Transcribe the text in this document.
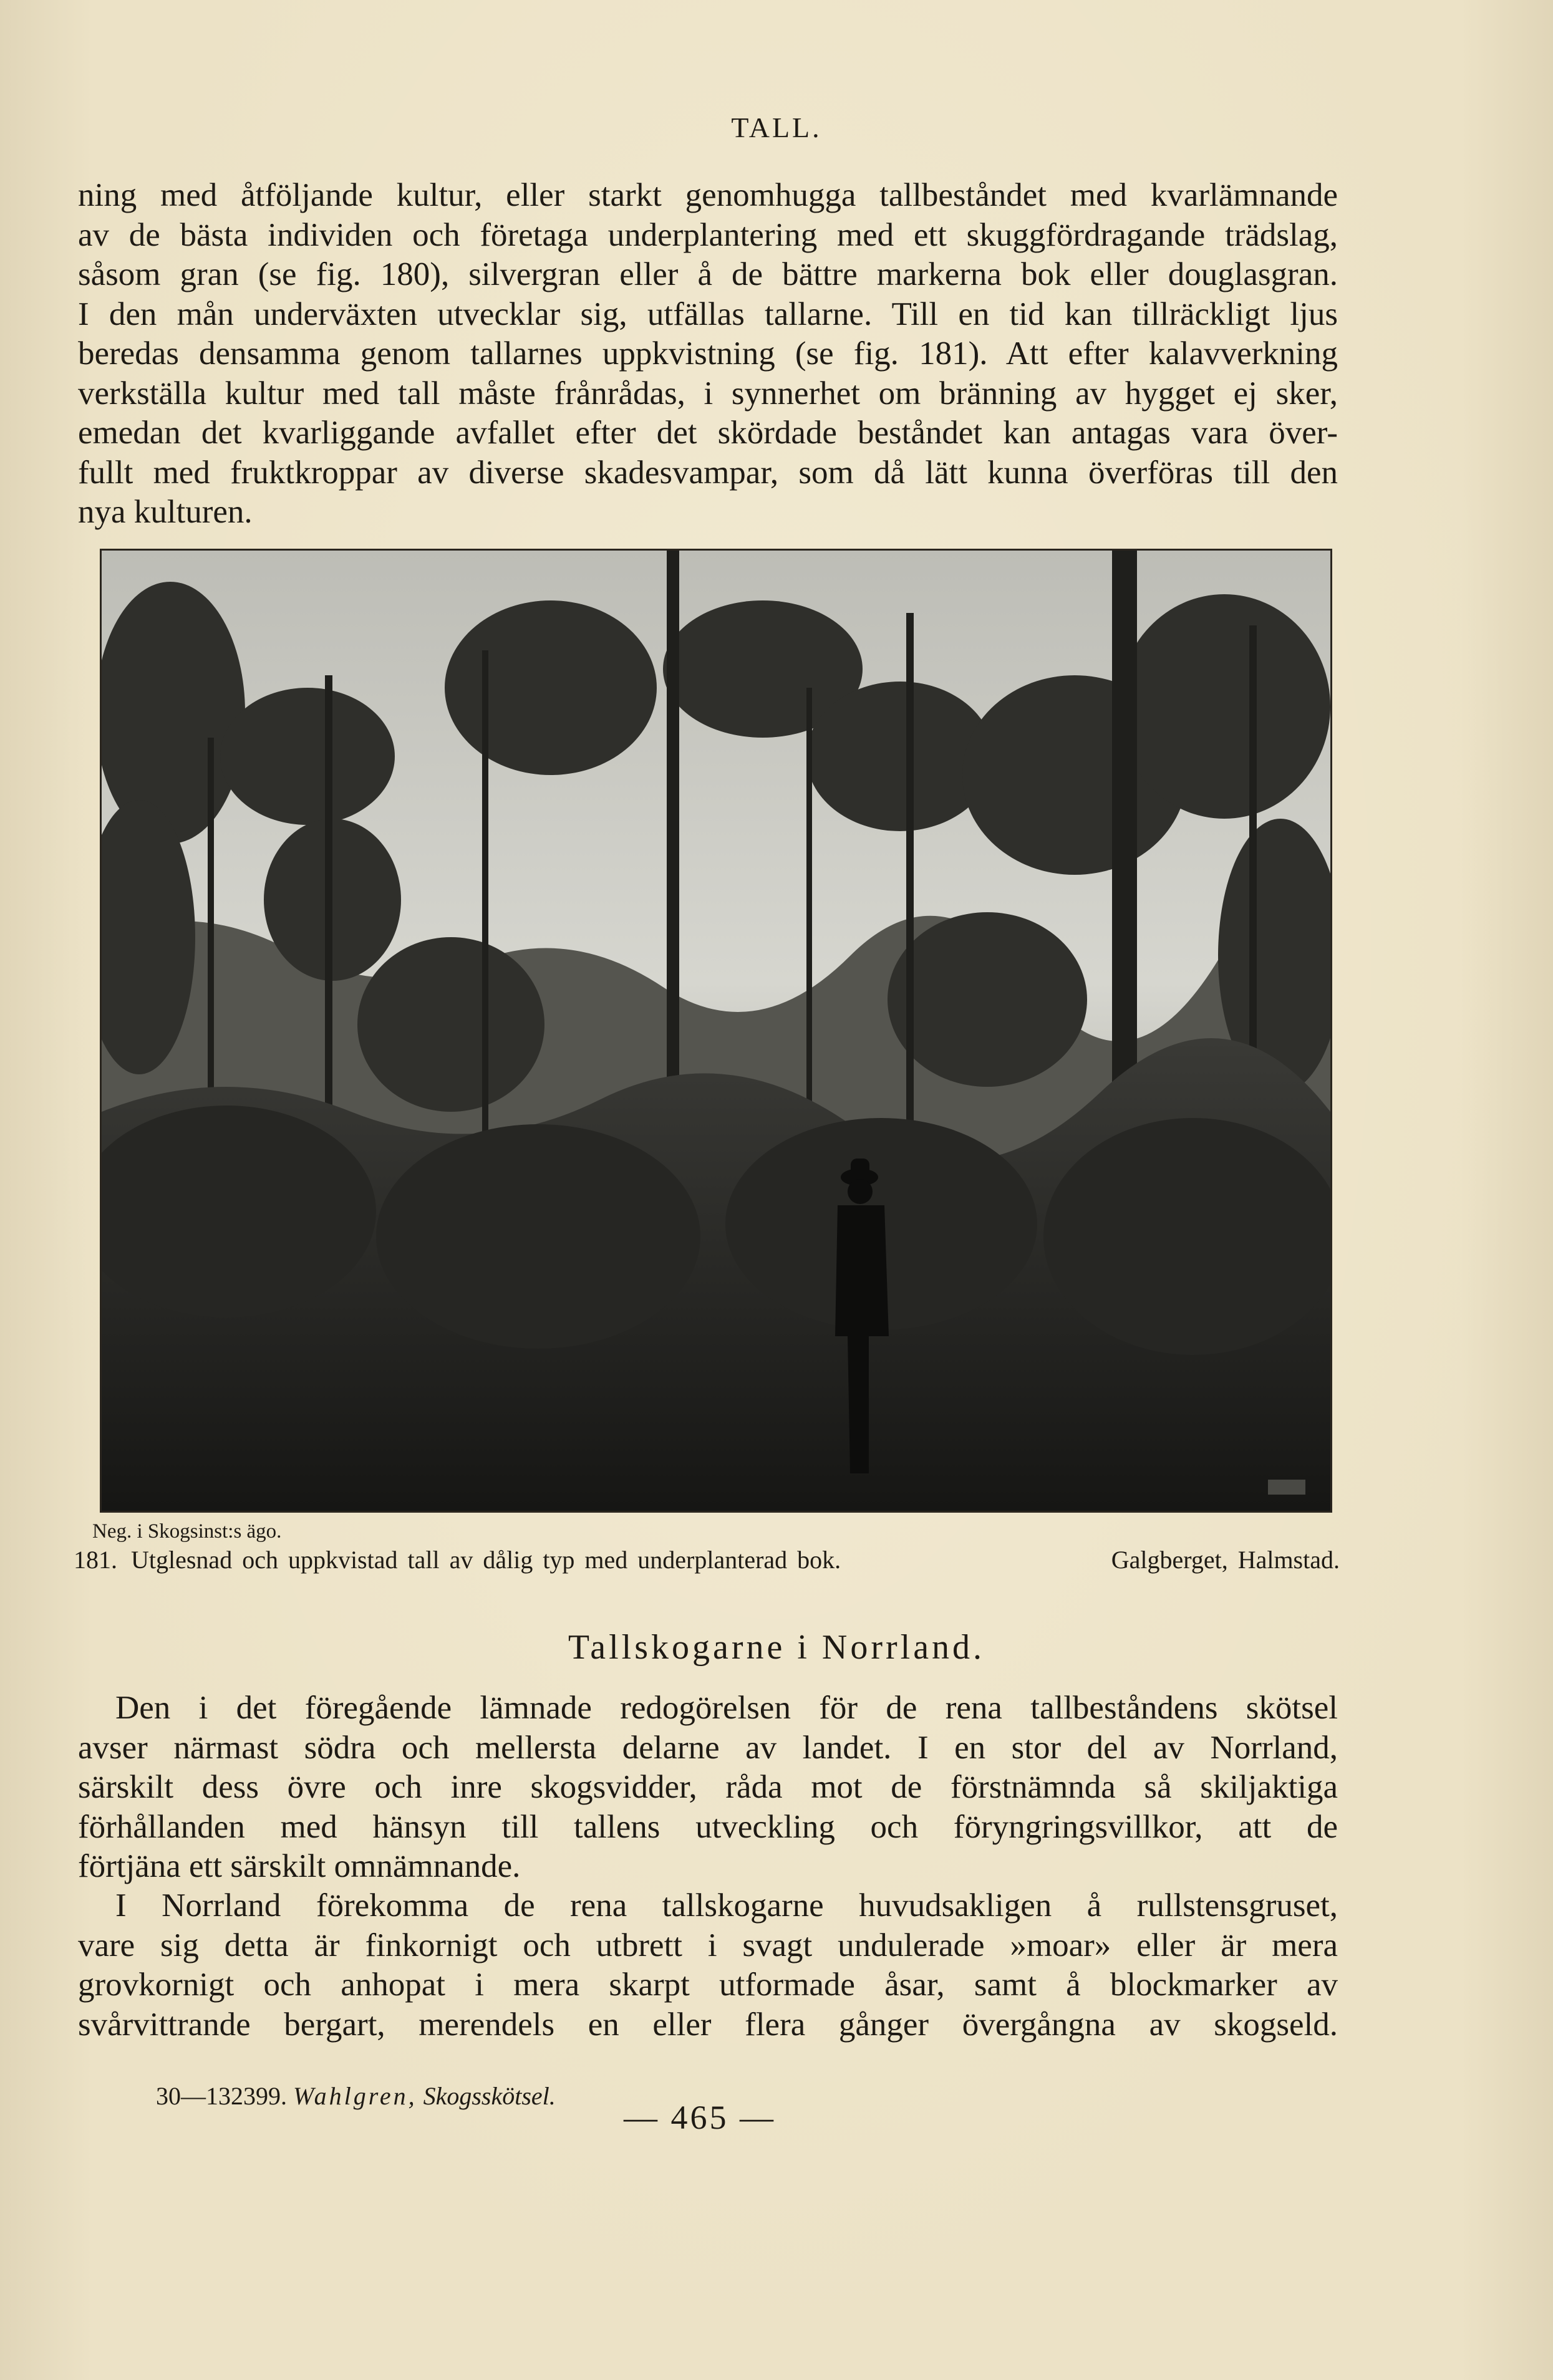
TALL.

ning med åtföljande kultur, eller starkt genomhugga tallbeståndet med kvarlämnande

av de bästa individen och företaga underplantering med ett skuggfördragande trädslag,

såsom gran (se fig. 180), silvergran eller å de bättre markerna bok eller douglasgran.

I den mån underväxten utvecklar sig, utfällas tallarne. Till en tid kan tillräckligt ljus

beredas densamma genom tallarnes uppkvistning (se fig. 181). Att efter kalavverkning

verkställa kultur med tall måste frånrådas, i synnerhet om bränning av hygget ej sker,

emedan det kvarliggande avfallet efter det skördade beståndet kan antagas vara över-

fullt med fruktkroppar av diverse skadesvampar, som då lätt kunna överföras till den

nya kulturen.

Neg. i Skogsinst:s ägo.
181. Utglesnad och uppkvistad tall av dålig typ med underplanterad bok.	Galgberget, Halmstad.
Tallskogarne i Norrland.

Den i det föregående lämnade redogörelsen för de rena tallbeståndens skötsel

avser närmast södra och mellersta delarne av landet. I en stor del av Norrland,

särskilt dess övre och inre skogsvidder, råda mot de förstnämnda så skiljaktiga

förhållanden med hänsyn till tallens utveckling och föryngringsvillkor, att de

förtjäna ett särskilt omnämnande.

I Norrland förekomma de rena tallskogarne huvudsakligen å rullstensgruset,

vare sig detta är finkornigt och utbrett i svagt undulerade »moar» eller är mera

grovkornigt och anhopat i mera skarpt utformade åsar, samt å blockmarker av

svårvittrande bergart, merendels en eller flera gånger övergångna av skogseld.

30—132399. Wahlgren, Skogsskötsel.
— 465 —
